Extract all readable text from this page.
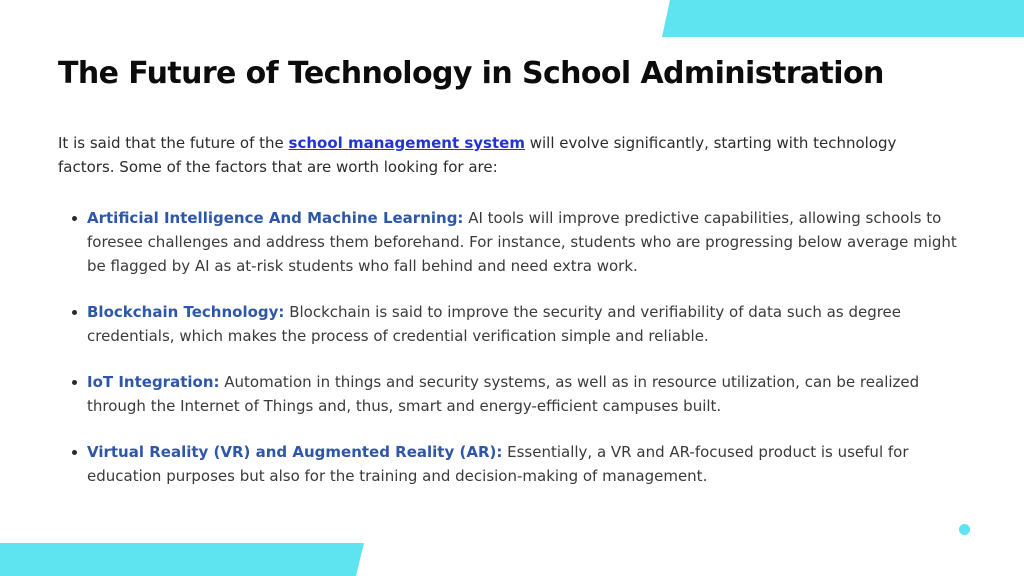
The Future of Technology in School Administration

It is said that the future of the school management system will evolve significantly, starting with technology factors. Some of the factors that are worth looking for are:

Artificial Intelligence And Machine Learning: AI tools will improve predictive capabilities, allowing schools to foresee challenges and address them beforehand. For instance, students who are progressing below average might be flagged by AI as at-risk students who fall behind and need extra work.
Blockchain Technology: Blockchain is said to improve the security and verifiability of data such as degree credentials, which makes the process of credential verification simple and reliable.
IoT Integration: Automation in things and security systems, as well as in resource utilization, can be realized through the Internet of Things and, thus, smart and energy-efficient campuses built.
Virtual Reality (VR) and Augmented Reality (AR): Essentially, a VR and AR-focused product is useful for education purposes but also for the training and decision-making of management.
